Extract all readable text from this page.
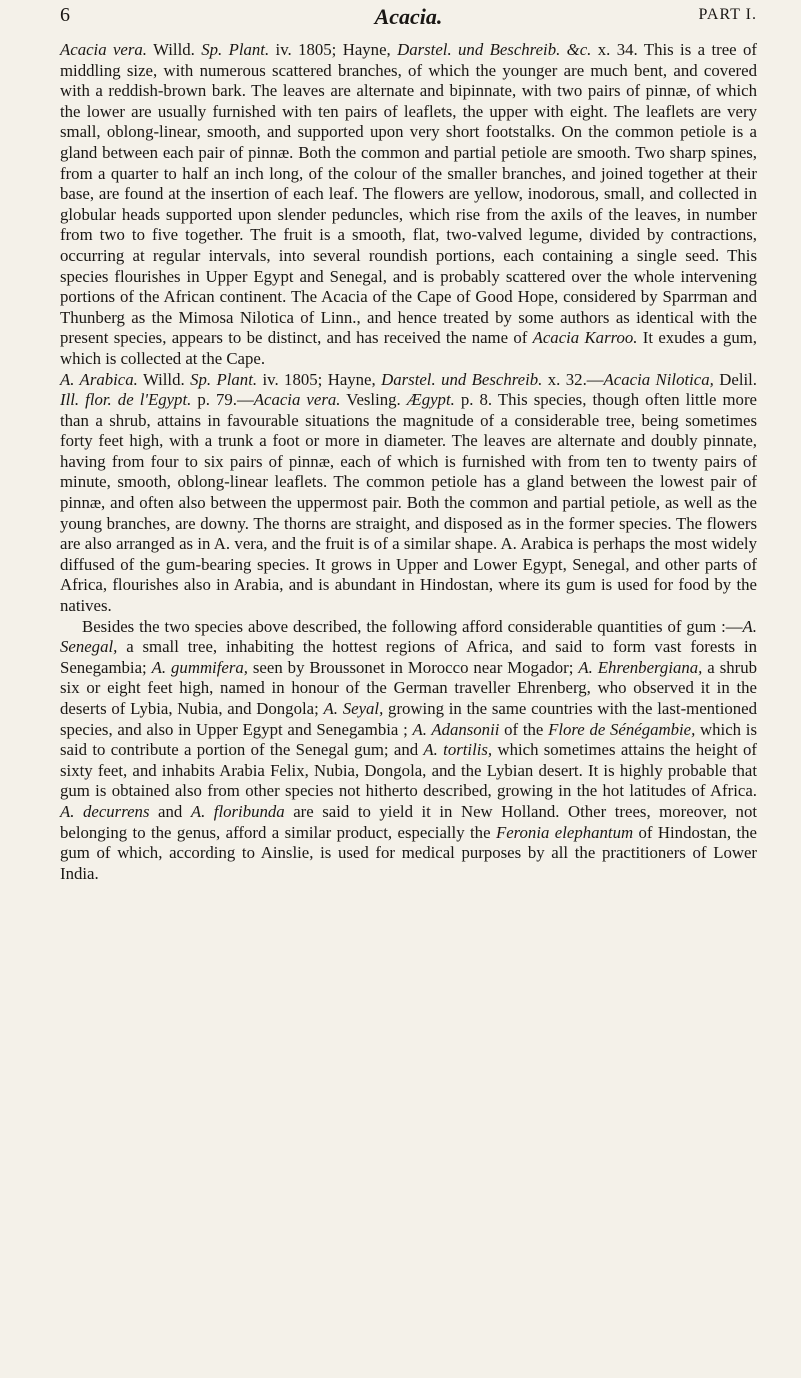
6	Acacia.	PART I.

Acacia vera. Willd. Sp. Plant. iv. 1805; Hayne, Darstel. und Beschreib. &c. x. 34. This is a tree of middling size, with numerous scattered branches, of which the younger are much bent, and covered with a reddish-brown bark. The leaves are alternate and bipinnate, with two pairs of pinnæ, of which the lower are usually furnished with ten pairs of leaflets, the upper with eight. The leaflets are very small, oblong-linear, smooth, and supported upon very short footstalks. On the common petiole is a gland between each pair of pinnæ. Both the common and partial petiole are smooth. Two sharp spines, from a quarter to half an inch long, of the colour of the smaller branches, and joined together at their base, are found at the insertion of each leaf. The flowers are yellow, inodorous, small, and collected in globular heads supported upon slender peduncles, which rise from the axils of the leaves, in number from two to five together. The fruit is a smooth, flat, two-valved legume, divided by contractions, occurring at regular intervals, into several roundish portions, each containing a single seed. This species flourishes in Upper Egypt and Senegal, and is probably scattered over the whole intervening portions of the African continent. The Acacia of the Cape of Good Hope, considered by Sparrman and Thunberg as the Mimosa Nilotica of Linn., and hence treated by some authors as identical with the present species, appears to be distinct, and has received the name of Acacia Karroo. It exudes a gum, which is collected at the Cape.

A. Arabica. Willd. Sp. Plant. iv. 1805; Hayne, Darstel. und Beschreib. x. 32.—Acacia Nilotica, Delil. Ill. flor. de l'Egypt. p. 79.—Acacia vera. Vesling. Ægypt. p. 8. This species, though often little more than a shrub, attains in favourable situations the magnitude of a considerable tree, being sometimes forty feet high, with a trunk a foot or more in diameter. The leaves are alternate and doubly pinnate, having from four to six pairs of pinnæ, each of which is furnished with from ten to twenty pairs of minute, smooth, oblong-linear leaflets. The common petiole has a gland between the lowest pair of pinnæ, and often also between the uppermost pair. Both the common and partial petiole, as well as the young branches, are downy. The thorns are straight, and disposed as in the former species. The flowers are also arranged as in A. vera, and the fruit is of a similar shape. A. Arabica is perhaps the most widely diffused of the gum-bearing species. It grows in Upper and Lower Egypt, Senegal, and other parts of Africa, flourishes also in Arabia, and is abundant in Hindostan, where its gum is used for food by the natives.

Besides the two species above described, the following afford considerable quantities of gum :—A. Senegal, a small tree, inhabiting the hottest regions of Africa, and said to form vast forests in Senegambia; A. gummifera, seen by Broussonet in Morocco near Mogador; A. Ehrenbergiana, a shrub six or eight feet high, named in honour of the German traveller Ehrenberg, who observed it in the deserts of Lybia, Nubia, and Dongola; A. Seyal, growing in the same countries with the last-mentioned species, and also in Upper Egypt and Senegambia ; A. Adansonii of the Flore de Sénégambie, which is said to contribute a portion of the Senegal gum; and A. tortilis, which sometimes attains the height of sixty feet, and inhabits Arabia Felix, Nubia, Dongola, and the Lybian desert. It is highly probable that gum is obtained also from other species not hitherto described, growing in the hot latitudes of Africa. A. decurrens and A. floribunda are said to yield it in New Holland. Other trees, moreover, not belonging to the genus, afford a similar product, especially the Feronia elephantum of Hindostan, the gum of which, according to Ainslie, is used for medical purposes by all the practitioners of Lower India.
